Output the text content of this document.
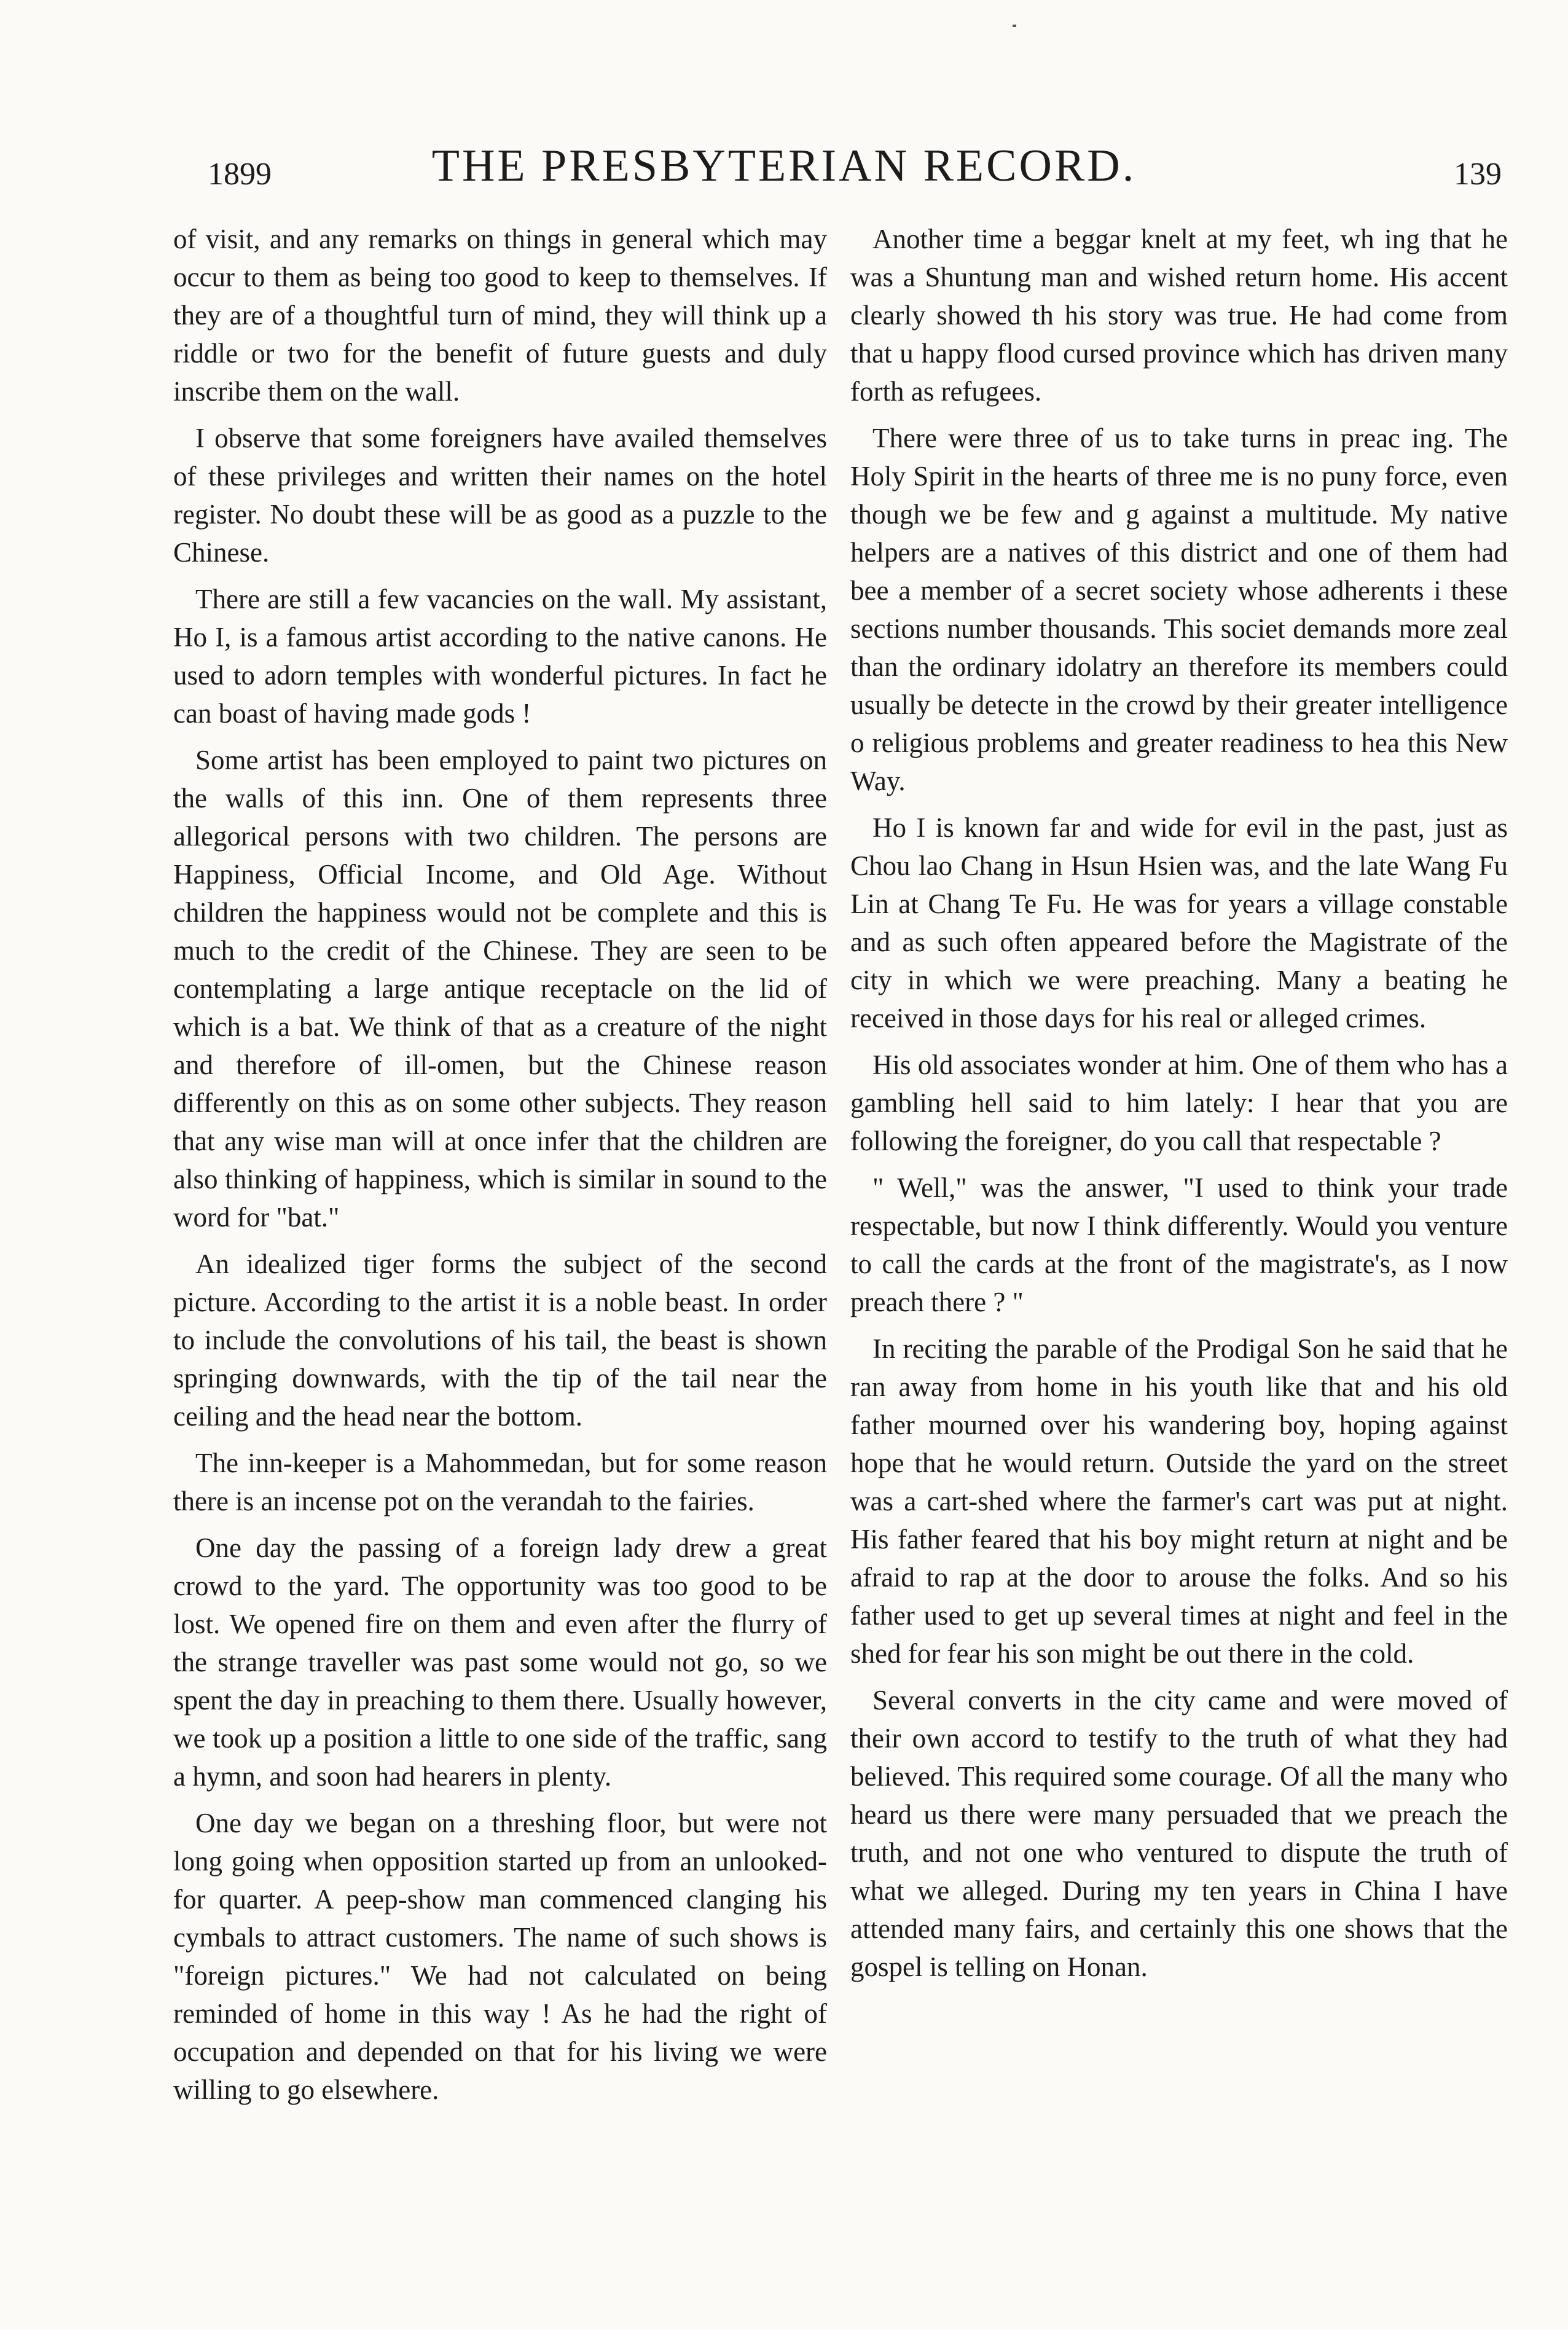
1899	THE PRESBYTERIAN RECORD.	139

of visit, and any remarks on things in general which may occur to them as being too good to keep to themselves. If they are of a thoughtful turn of mind, they will think up a riddle or two for the benefit of future guests and duly inscribe them on the wall.

I observe that some foreigners have availed themselves of these privileges and written their names on the hotel register. No doubt these will be as good as a puzzle to the Chinese.

There are still a few vacancies on the wall. My assistant, Ho I, is a famous artist according to the native canons. He used to adorn temples with wonderful pictures. In fact he can boast of having made gods !

Some artist has been employed to paint two pictures on the walls of this inn. One of them represents three allegorical persons with two children. The persons are Happiness, Official Income, and Old Age. Without children the happiness would not be complete and this is much to the credit of the Chinese. They are seen to be contemplating a large antique receptacle on the lid of which is a bat. We think of that as a creature of the night and therefore of ill-omen, but the Chinese reason differently on this as on some other subjects. They reason that any wise man will at once infer that the children are also thinking of happiness, which is similar in sound to the word for "bat."

An idealized tiger forms the subject of the second picture. According to the artist it is a noble beast. In order to include the convolutions of his tail, the beast is shown springing downwards, with the tip of the tail near the ceiling and the head near the bottom.

The inn-keeper is a Mahommedan, but for some reason there is an incense pot on the verandah to the fairies.

One day the passing of a foreign lady drew a great crowd to the yard. The opportunity was too good to be lost. We opened fire on them and even after the flurry of the strange traveller was past some would not go, so we spent the day in preaching to them there. Usually however, we took up a position a little to one side of the traffic, sang a hymn, and soon had hearers in plenty.

One day we began on a threshing floor, but were not long going when opposition started up from an unlooked-for quarter. A peep-show man commenced clanging his cymbals to attract customers. The name of such shows is "foreign pictures." We had not calculated on being reminded of home in this way ! As he had the right of occupation and depended on that for his living we were willing to go elsewhere.

Another time a beggar knelt at my feet, wh ing that he was a Shuntung man and wished return home. His accent clearly showed th his story was true. He had come from that u happy flood cursed province which has driven many forth as refugees.

There were three of us to take turns in preac ing. The Holy Spirit in the hearts of three me is no puny force, even though we be few and g against a multitude. My native helpers are a natives of this district and one of them had bee a member of a secret society whose adherents i these sections number thousands. This societ demands more zeal than the ordinary idolatry an therefore its members could usually be detecte in the crowd by their greater intelligence o religious problems and greater readiness to hea this New Way.

Ho I is known far and wide for evil in the past, just as Chou lao Chang in Hsun Hsien was, and the late Wang Fu Lin at Chang Te Fu. He was for years a village constable and as such often appeared before the Magistrate of the city in which we were preaching. Many a beating he received in those days for his real or alleged crimes.

His old associates wonder at him. One of them who has a gambling hell said to him lately: I hear that you are following the foreigner, do you call that respectable ?

" Well," was the answer, "I used to think your trade respectable, but now I think differently. Would you venture to call the cards at the front of the magistrate's, as I now preach there ? "

In reciting the parable of the Prodigal Son he said that he ran away from home in his youth like that and his old father mourned over his wandering boy, hoping against hope that he would return. Outside the yard on the street was a cart-shed where the farmer's cart was put at night. His father feared that his boy might return at night and be afraid to rap at the door to arouse the folks. And so his father used to get up several times at night and feel in the shed for fear his son might be out there in the cold.

Several converts in the city came and were moved of their own accord to testify to the truth of what they had believed. This required some courage. Of all the many who heard us there were many persuaded that we preach the truth, and not one who ventured to dispute the truth of what we alleged. During my ten years in China I have attended many fairs, and certainly this one shows that the gospel is telling on Honan.
